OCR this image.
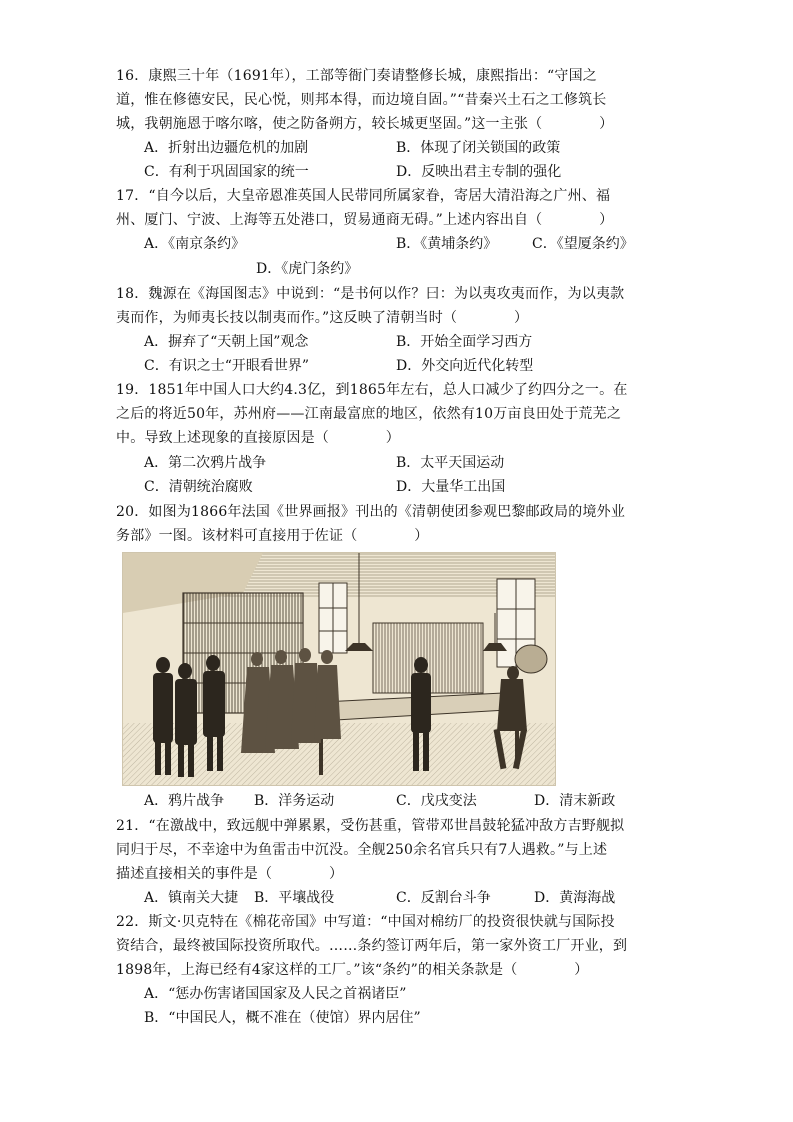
16．康熙三十年（1691年），工部等衙门奏请整修长城，康熙指出：“守国之
道，惟在修德安民，民心悦，则邦本得，而边境自固。”“昔秦兴土石之工修筑长
城，我朝施恩于喀尔喀，使之防备朔方，较长城更坚固。”这一主张（　　　　）
A．折射出边疆危机的加剧	B．体现了闭关锁国的政策
C．有利于巩固国家的统一	D．反映出君主专制的强化
17．“自今以后，大皇帝恩准英国人民带同所属家眷，寄居大清沿海之广州、福
州、厦门、宁波、上海等五处港口，贸易通商无碍。”上述内容出自（　　　　）
A．《南京条约》	B．《黄埔条约》 C．《望厦条约》
D．《虎门条约》
18．魏源在《海国图志》中说到：“是书何以作？曰：为以夷攻夷而作，为以夷款
夷而作，为师夷长技以制夷而作。”这反映了清朝当时（　　　　）
A．摒弃了“天朝上国”观念	B．开始全面学习西方
C．有识之士“开眼看世界”	D．外交向近代化转型
19．1851年中国人口大约4.3亿，到1865年左右，总人口减少了约四分之一。在
之后的将近50年，苏州府——江南最富庶的地区，依然有10万亩良田处于荒芜之
中。导致上述现象的直接原因是（　　　　）
A．第二次鸦片战争	B．太平天国运动
C．清朝统治腐败	D．大量华工出国
20．如图为1866年法国《世界画报》刊出的《清朝使团参观巴黎邮政局的境外业
务部》一图。该材料可直接用于佐证（　　　　）
A．鸦片战争 B．洋务运动	C．戊戌变法	D．清末新政
21．“在激战中，致远舰中弹累累，受伤甚重，管带邓世昌鼓轮猛冲敌方吉野舰拟
同归于尽，不幸途中为鱼雷击中沉没。全舰250余名官兵只有7人遇救。”与上述
描述直接相关的事件是（　　　　）
A．镇南关大捷 B．平壤战役	C．反割台斗争	D．黄海海战
22．斯文·贝克特在《棉花帝国》中写道：“中国对棉纺厂的投资很快就与国际投
资结合，最终被国际投资所取代。……条约签订两年后，第一家外资工厂开业，到
1898年，上海已经有4家这样的工厂。”该“条约”的相关条款是（　　　　）
A．“惩办伤害诸国国家及人民之首祸诸臣”
B．“中国民人，概不准在（使馆）界内居住”
